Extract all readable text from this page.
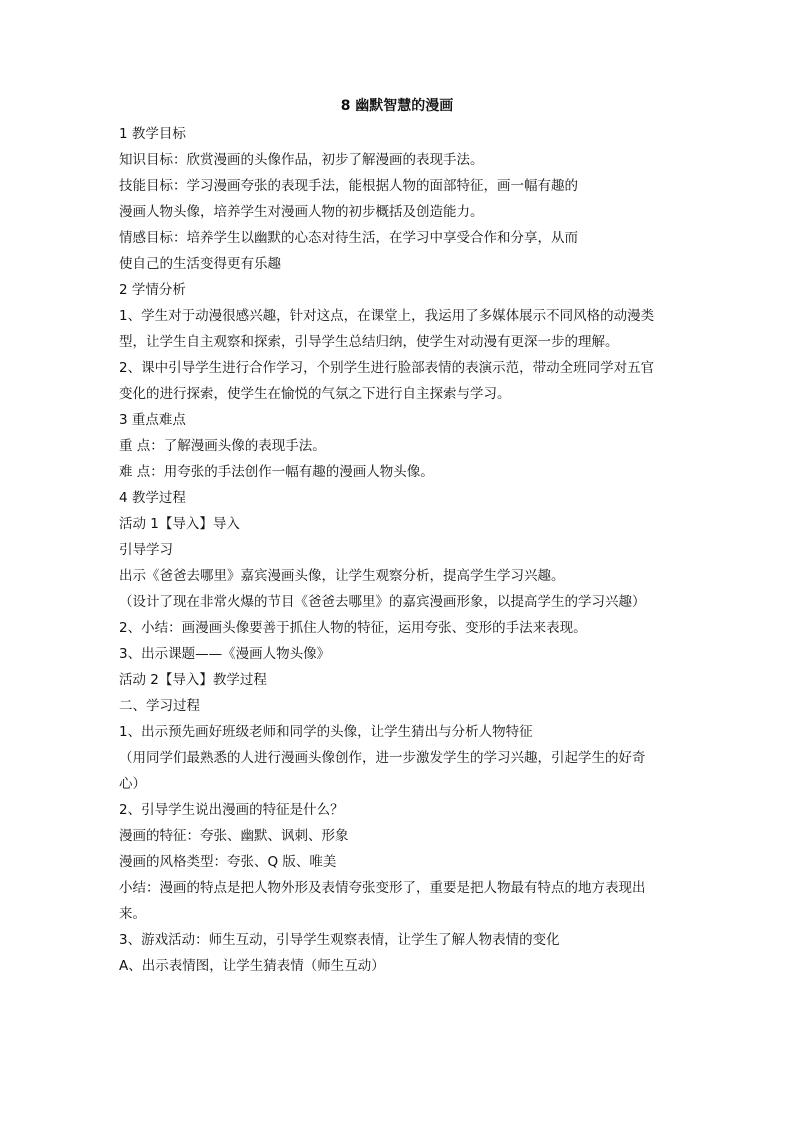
8 幽默智慧的漫画
1 教学目标
知识目标：欣赏漫画的头像作品，初步了解漫画的表现手法。
技能目标：学习漫画夸张的表现手法，能根据人物的面部特征，画一幅有趣的
漫画人物头像，培养学生对漫画人物的初步概括及创造能力。
情感目标：培养学生以幽默的心态对待生活，在学习中享受合作和分享，从而
使自己的生活变得更有乐趣
2 学情分析
1、学生对于动漫很感兴趣，针对这点，在课堂上，我运用了多媒体展示不同风格的动漫类
型，让学生自主观察和探索，引导学生总结归纳，使学生对动漫有更深一步的理解。
2、课中引导学生进行合作学习，个别学生进行脸部表情的表演示范，带动全班同学对五官
变化的进行探索，使学生在愉悦的气氛之下进行自主探索与学习。
3 重点难点
重 点：了解漫画头像的表现手法。
难 点：用夸张的手法创作一幅有趣的漫画人物头像。
4 教学过程
活动 1【导入】导入
引导学习
出示《爸爸去哪里》嘉宾漫画头像，让学生观察分析，提高学生学习兴趣。
（设计了现在非常火爆的节目《爸爸去哪里》的嘉宾漫画形象，以提高学生的学习兴趣）
2、小结：画漫画头像要善于抓住人物的特征，运用夸张、变形的手法来表现。
3、出示课题——《漫画人物头像》
活动 2【导入】教学过程
二、学习过程
1、出示预先画好班级老师和同学的头像，让学生猜出与分析人物特征
（用同学们最熟悉的人进行漫画头像创作，进一步激发学生的学习兴趣，引起学生的好奇
心）
2、引导学生说出漫画的特征是什么？
漫画的特征：夸张、幽默、讽刺、形象
漫画的风格类型：夸张、Q 版、唯美
小结：漫画的特点是把人物外形及表情夸张变形了，重要是把人物最有特点的地方表现出
来。
3、游戏活动：师生互动，引导学生观察表情，让学生了解人物表情的变化
A、出示表情图，让学生猜表情（师生互动）
